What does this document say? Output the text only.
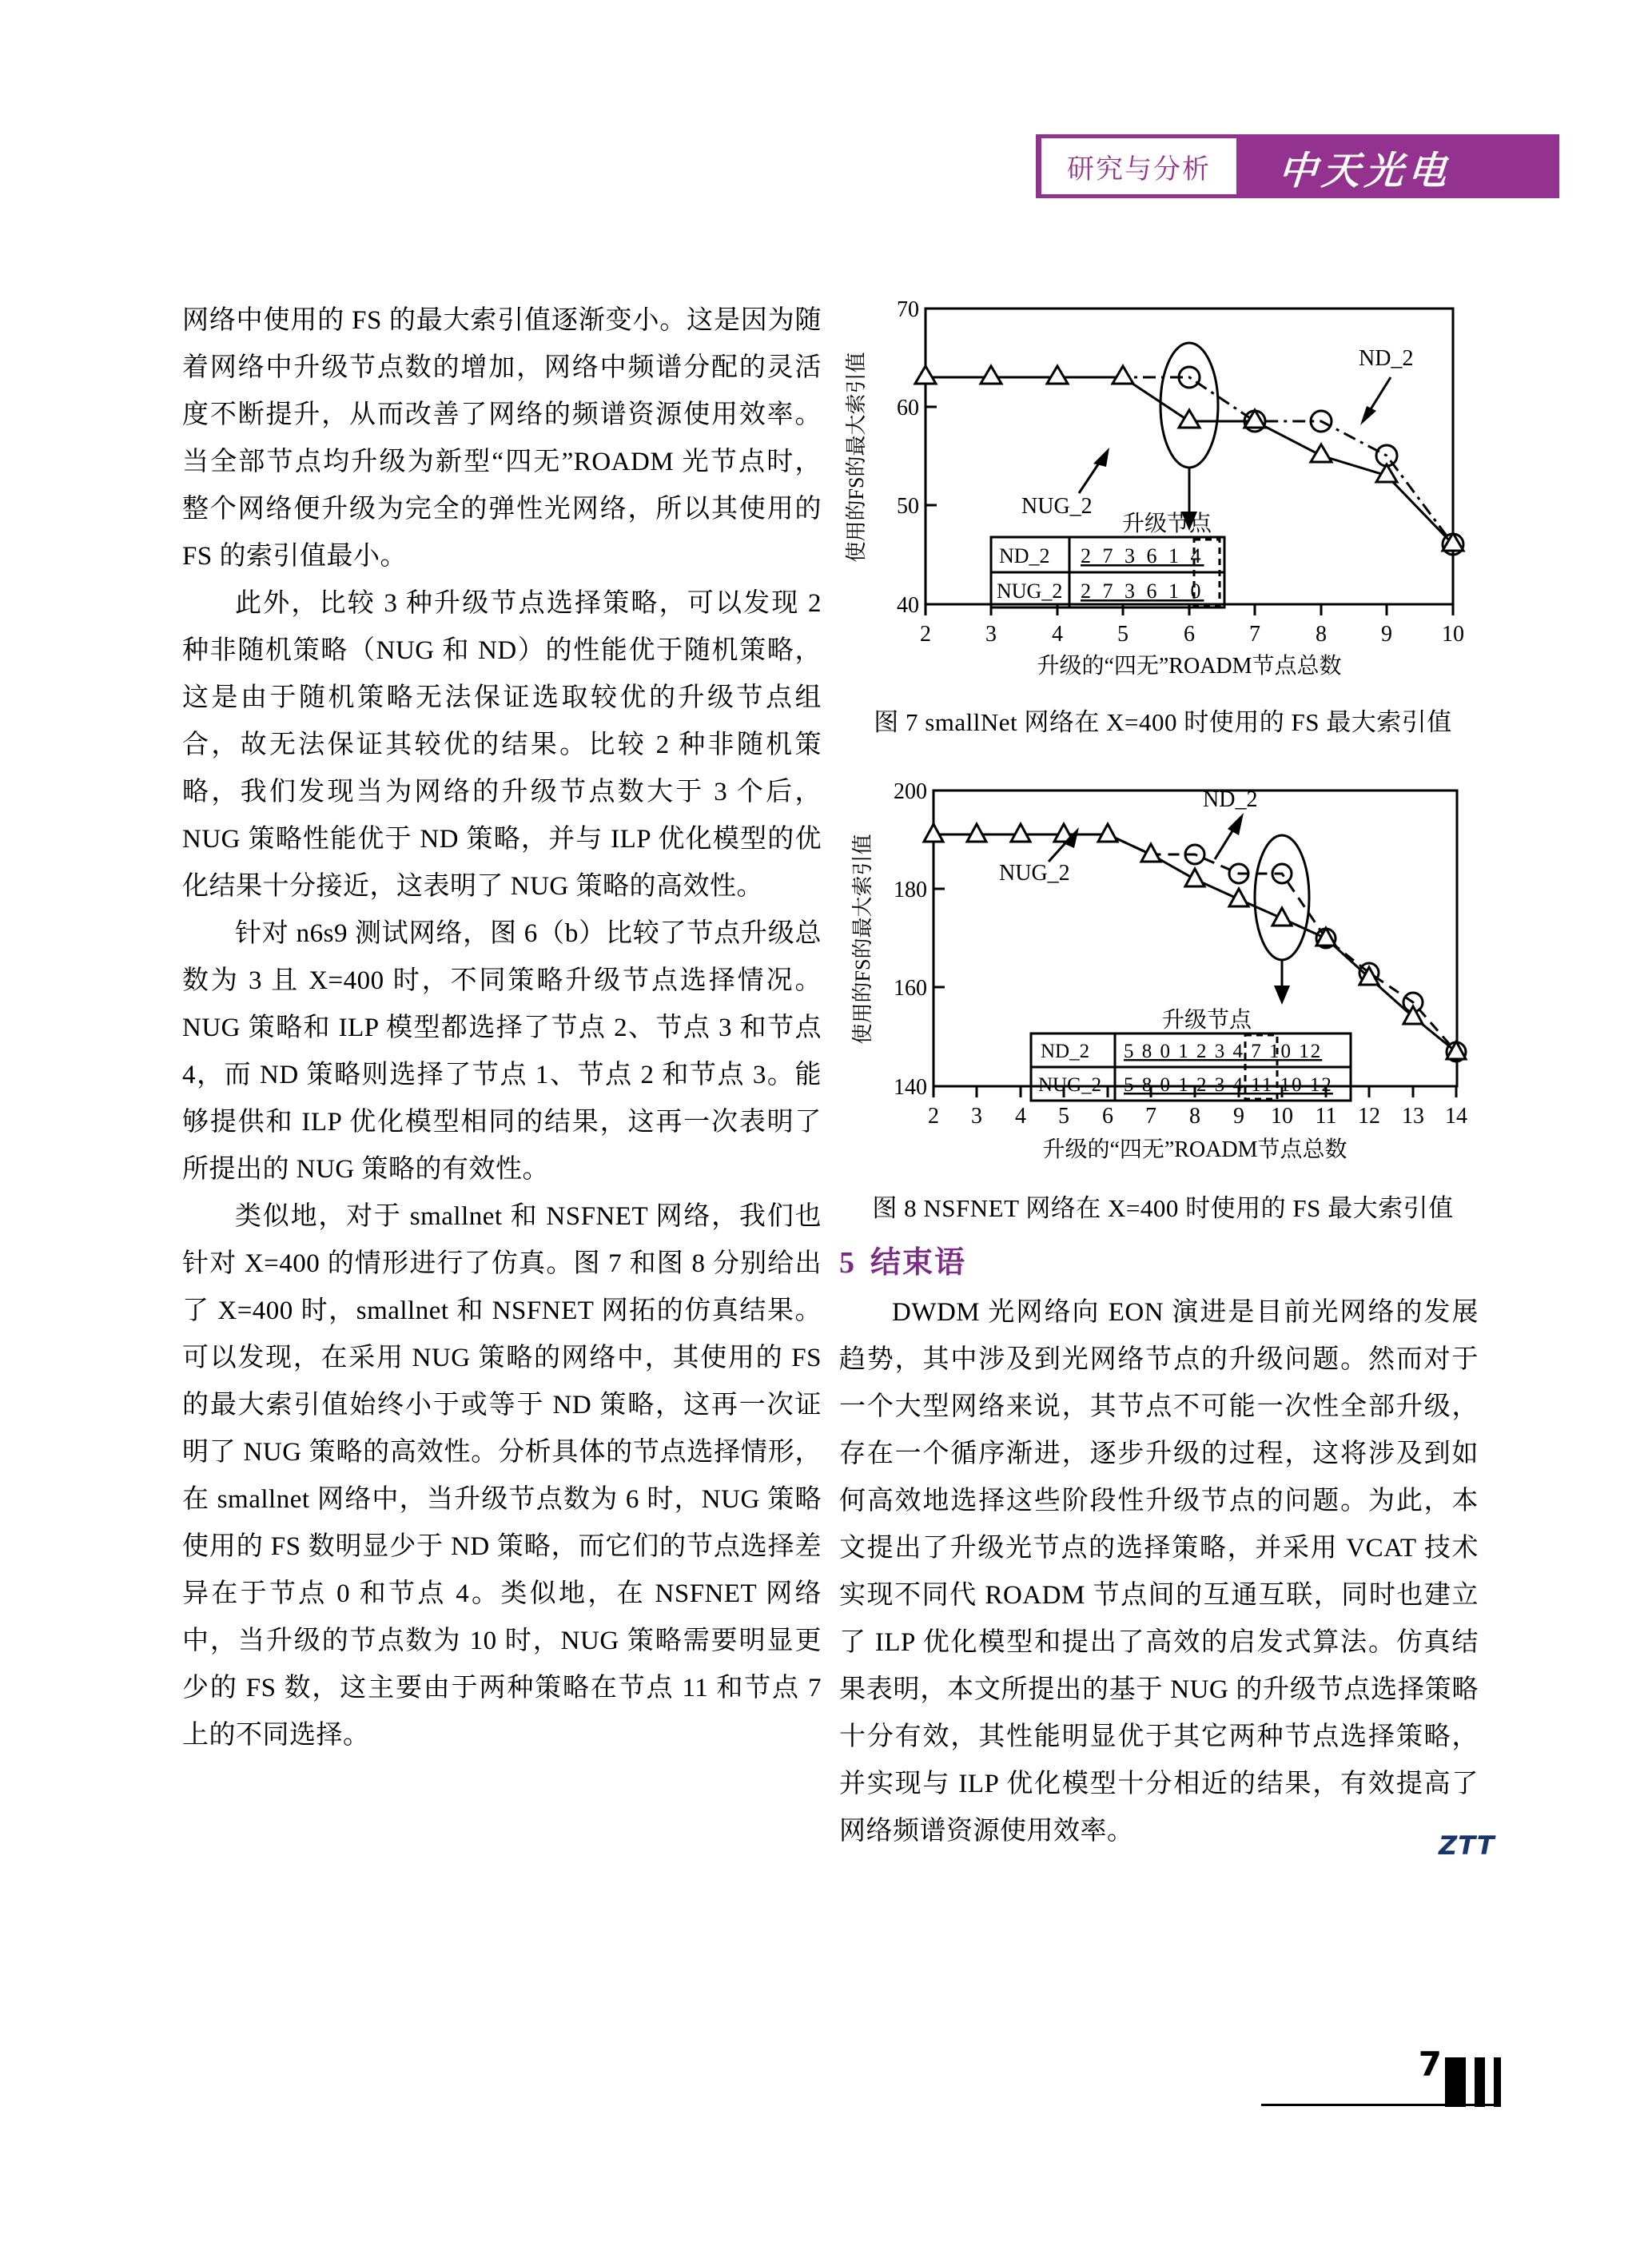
研究与分析	中天光电

网络中使用的 FS 的最大索引值逐渐变小。这是因为随着网络中升级节点数的增加，网络中频谱分配的灵活度不断提升，从而改善了网络的频谱资源使用效率。当全部节点均升级为新型“四无”ROADM 光节点时，整个网络便升级为完全的弹性光网络，所以其使用的 FS 的索引值最小。

此外，比较 3 种升级节点选择策略，可以发现 2 种非随机策略（NUG 和 ND）的性能优于随机策略，这是由于随机策略无法保证选取较优的升级节点组合，故无法保证其较优的结果。比较 2 种非随机策略，我们发现当为网络的升级节点数大于 3 个后，NUG 策略性能优于 ND 策略，并与 ILP 优化模型的优化结果十分接近，这表明了 NUG 策略的高效性。

针对 n6s9 测试网络，图 6（b）比较了节点升级总数为 3 且 X=400 时，不同策略升级节点选择情况。NUG 策略和 ILP 模型都选择了节点 2、节点 3 和节点 4，而 ND 策略则选择了节点 1、节点 2 和节点 3。能够提供和 ILP 优化模型相同的结果，这再一次表明了所提出的 NUG 策略的有效性。

类似地，对于 smallnet 和 NSFNET 网络，我们也针对 X=400 的情形进行了仿真。图 7 和图 8 分别给出了 X=400 时，smallnet 和 NSFNET 网拓的仿真结果。可以发现，在采用 NUG 策略的网络中，其使用的 FS 的最大索引值始终小于或等于 ND 策略，这再一次证明了 NUG 策略的高效性。分析具体的节点选择情形，在 smallnet 网络中，当升级节点数为 6 时，NUG 策略使用的 FS 数明显少于 ND 策略，而它们的节点选择差异在于节点 0 和节点 4。类似地，在 NSFNET 网络中，当升级的节点数为 10 时，NUG 策略需要明显更少的 FS 数，这主要由于两种策略在节点 11 和节点 7 上的不同选择。

70
60
50
40
2 3 4 5 6 7 8 9 10
使用的FS的最大索引值
升级的“四无”ROADM节点总数
NUG_2
ND_2
升级节点
ND_2 2 7 3 6 1 4
NUG_2 2 7 3 6 1 0
图 7 smallNet 网络在 X=400 时使用的 FS 最大索引值
200
180
160
140
2 3 4 5 6 7 8 9 10 11 12 13 14
使用的FS的最大索引值
升级的“四无”ROADM节点总数
NUG_2
ND_2
升级节点
ND_2 5 8 0 1 2 3 4 7 10 12
NUG_2 5 8 0 1 2 3 4 11 10 12
图 8 NSFNET 网络在 X=400 时使用的 FS 最大索引值
5 结束语

DWDM 光网络向 EON 演进是目前光网络的发展趋势，其中涉及到光网络节点的升级问题。然而对于一个大型网络来说，其节点不可能一次性全部升级，存在一个循序渐进，逐步升级的过程，这将涉及到如何高效地选择这些阶段性升级节点的问题。为此，本文提出了升级光节点的选择策略，并采用 VCAT 技术实现不同代 ROADM 节点间的互通互联，同时也建立了 ILP 优化模型和提出了高效的启发式算法。仿真结果表明，本文所提出的基于 NUG 的升级节点选择策略十分有效，其性能明显优于其它两种节点选择策略，并实现与 ILP 优化模型十分相近的结果，有效提高了网络频谱资源使用效率。	ZTT
7
